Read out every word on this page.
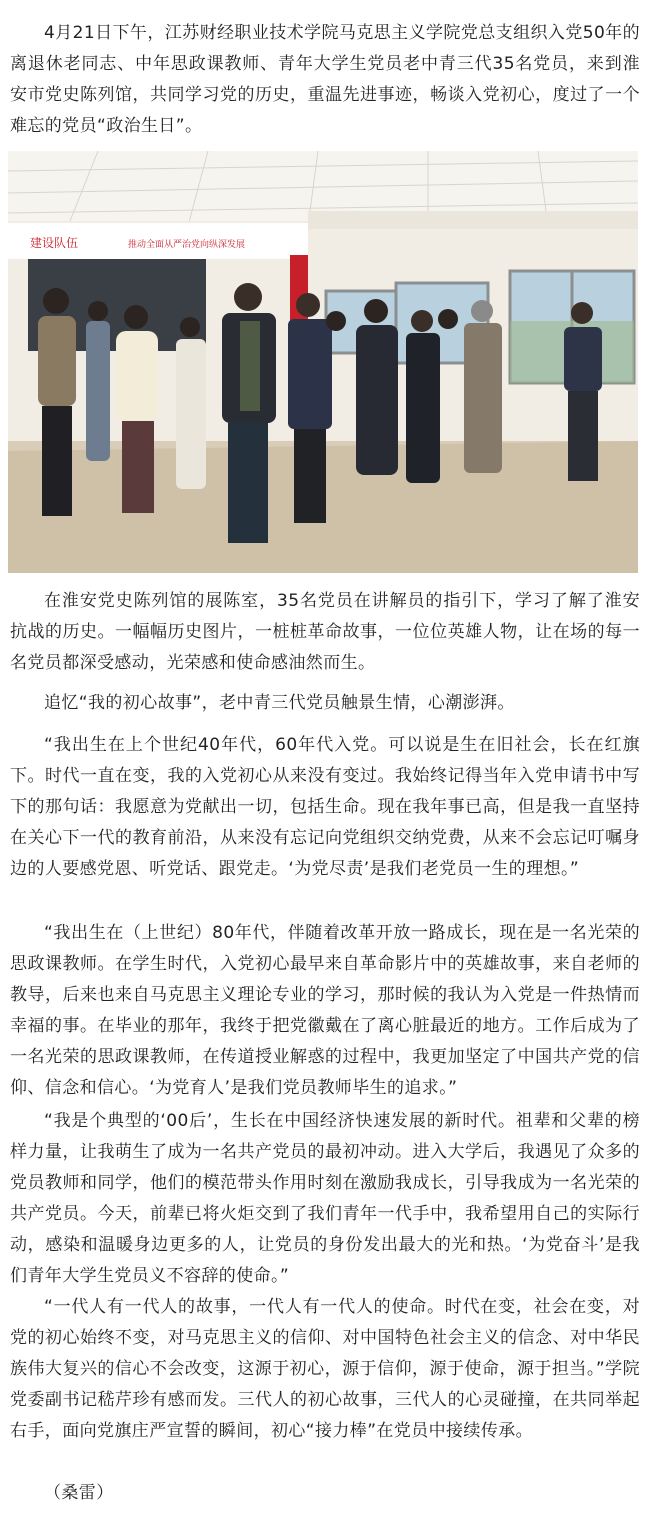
4月21日下午，江苏财经职业技术学院马克思主义学院党总支组织入党50年的离退休老同志、中年思政课教师、青年大学生党员老中青三代35名党员，来到淮安市党史陈列馆，共同学习党的历史，重温先进事迹，畅谈入党初心，度过了一个难忘的党员“政治生日”。

建设队伍	推动全面从严治党向纵深发展

在淮安党史陈列馆的展陈室，35名党员在讲解员的指引下，学习了解了淮安抗战的历史。一幅幅历史图片，一桩桩革命故事，一位位英雄人物，让在场的每一名党员都深受感动，光荣感和使命感油然而生。

追忆“我的初心故事”，老中青三代党员触景生情，心潮澎湃。

“我出生在上个世纪40年代，60年代入党。可以说是生在旧社会，长在红旗下。时代一直在变，我的入党初心从来没有变过。我始终记得当年入党申请书中写下的那句话：我愿意为党献出一切，包括生命。现在我年事已高，但是我一直坚持在关心下一代的教育前沿，从来没有忘记向党组织交纳党费，从来不会忘记叮嘱身边的人要感党恩、听党话、跟党走。‘为党尽责’是我们老党员一生的理想。”

“我出生在（上世纪）80年代，伴随着改革开放一路成长，现在是一名光荣的思政课教师。在学生时代，入党初心最早来自革命影片中的英雄故事，来自老师的教导，后来也来自马克思主义理论专业的学习，那时候的我认为入党是一件热情而幸福的事。在毕业的那年，我终于把党徽戴在了离心脏最近的地方。工作后成为了一名光荣的思政课教师，在传道授业解惑的过程中，我更加坚定了中国共产党的信仰、信念和信心。‘为党育人’是我们党员教师毕生的追求。”

“我是个典型的‘00后’，生长在中国经济快速发展的新时代。祖辈和父辈的榜样力量，让我萌生了成为一名共产党员的最初冲动。进入大学后，我遇见了众多的党员教师和同学，他们的模范带头作用时刻在激励我成长，引导我成为一名光荣的共产党员。今天，前辈已将火炬交到了我们青年一代手中，我希望用自己的实际行动，感染和温暖身边更多的人，让党员的身份发出最大的光和热。‘为党奋斗’是我们青年大学生党员义不容辞的使命。”

“一代人有一代人的故事，一代人有一代人的使命。时代在变，社会在变，对党的初心始终不变，对马克思主义的信仰、对中国特色社会主义的信念、对中华民族伟大复兴的信心不会改变，这源于初心，源于信仰，源于使命，源于担当。”学院党委副书记嵇芹珍有感而发。三代人的初心故事，三代人的心灵碰撞，在共同举起右手，面向党旗庄严宣誓的瞬间，初心“接力棒”在党员中接续传承。

（桑雷）
